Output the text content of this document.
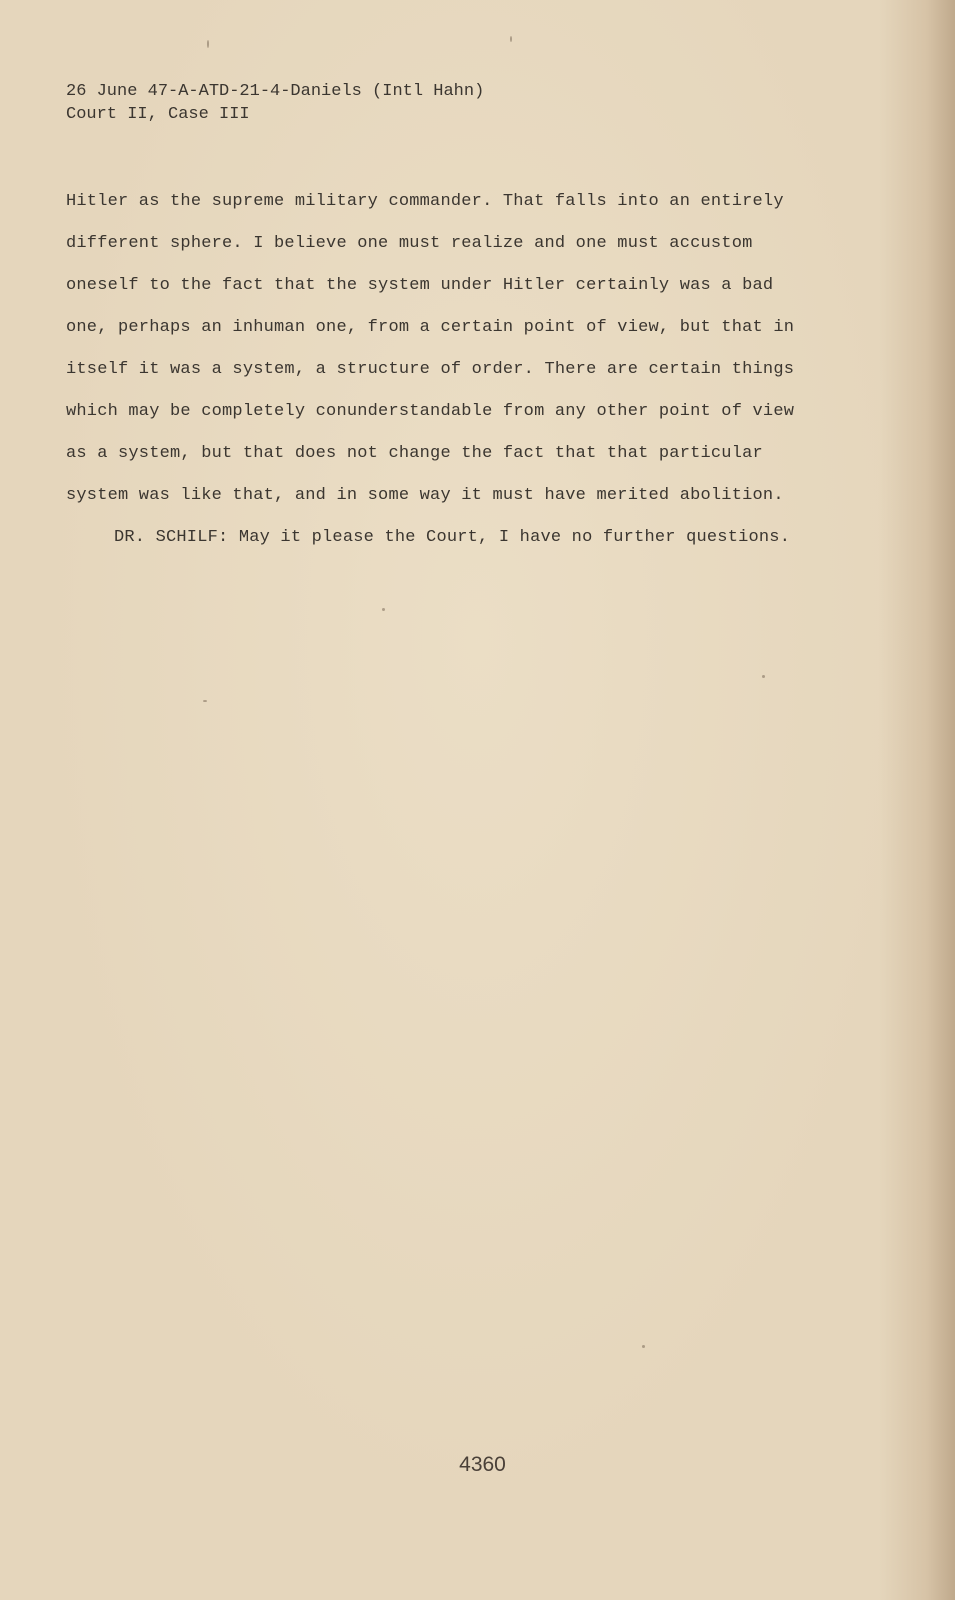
26 June 47-A-ATD-21-4-Daniels (Intl Hahn)
Court II, Case III
Hitler as the supreme military commander. That falls into an entirely
different sphere. I believe one must realize and one must accustom
oneself to the fact that the system under Hitler certainly was a bad
one, perhaps an inhuman one, from a certain point of view, but that in
itself it was a system, a structure of order. There are certain things
which may be completely conunderstandable from any other point of view
as a system, but that does not change the fact that that particular
system was like that, and in some way it must have merited abolition.
DR. SCHILF: May it please the Court, I have no further questions.
4360
